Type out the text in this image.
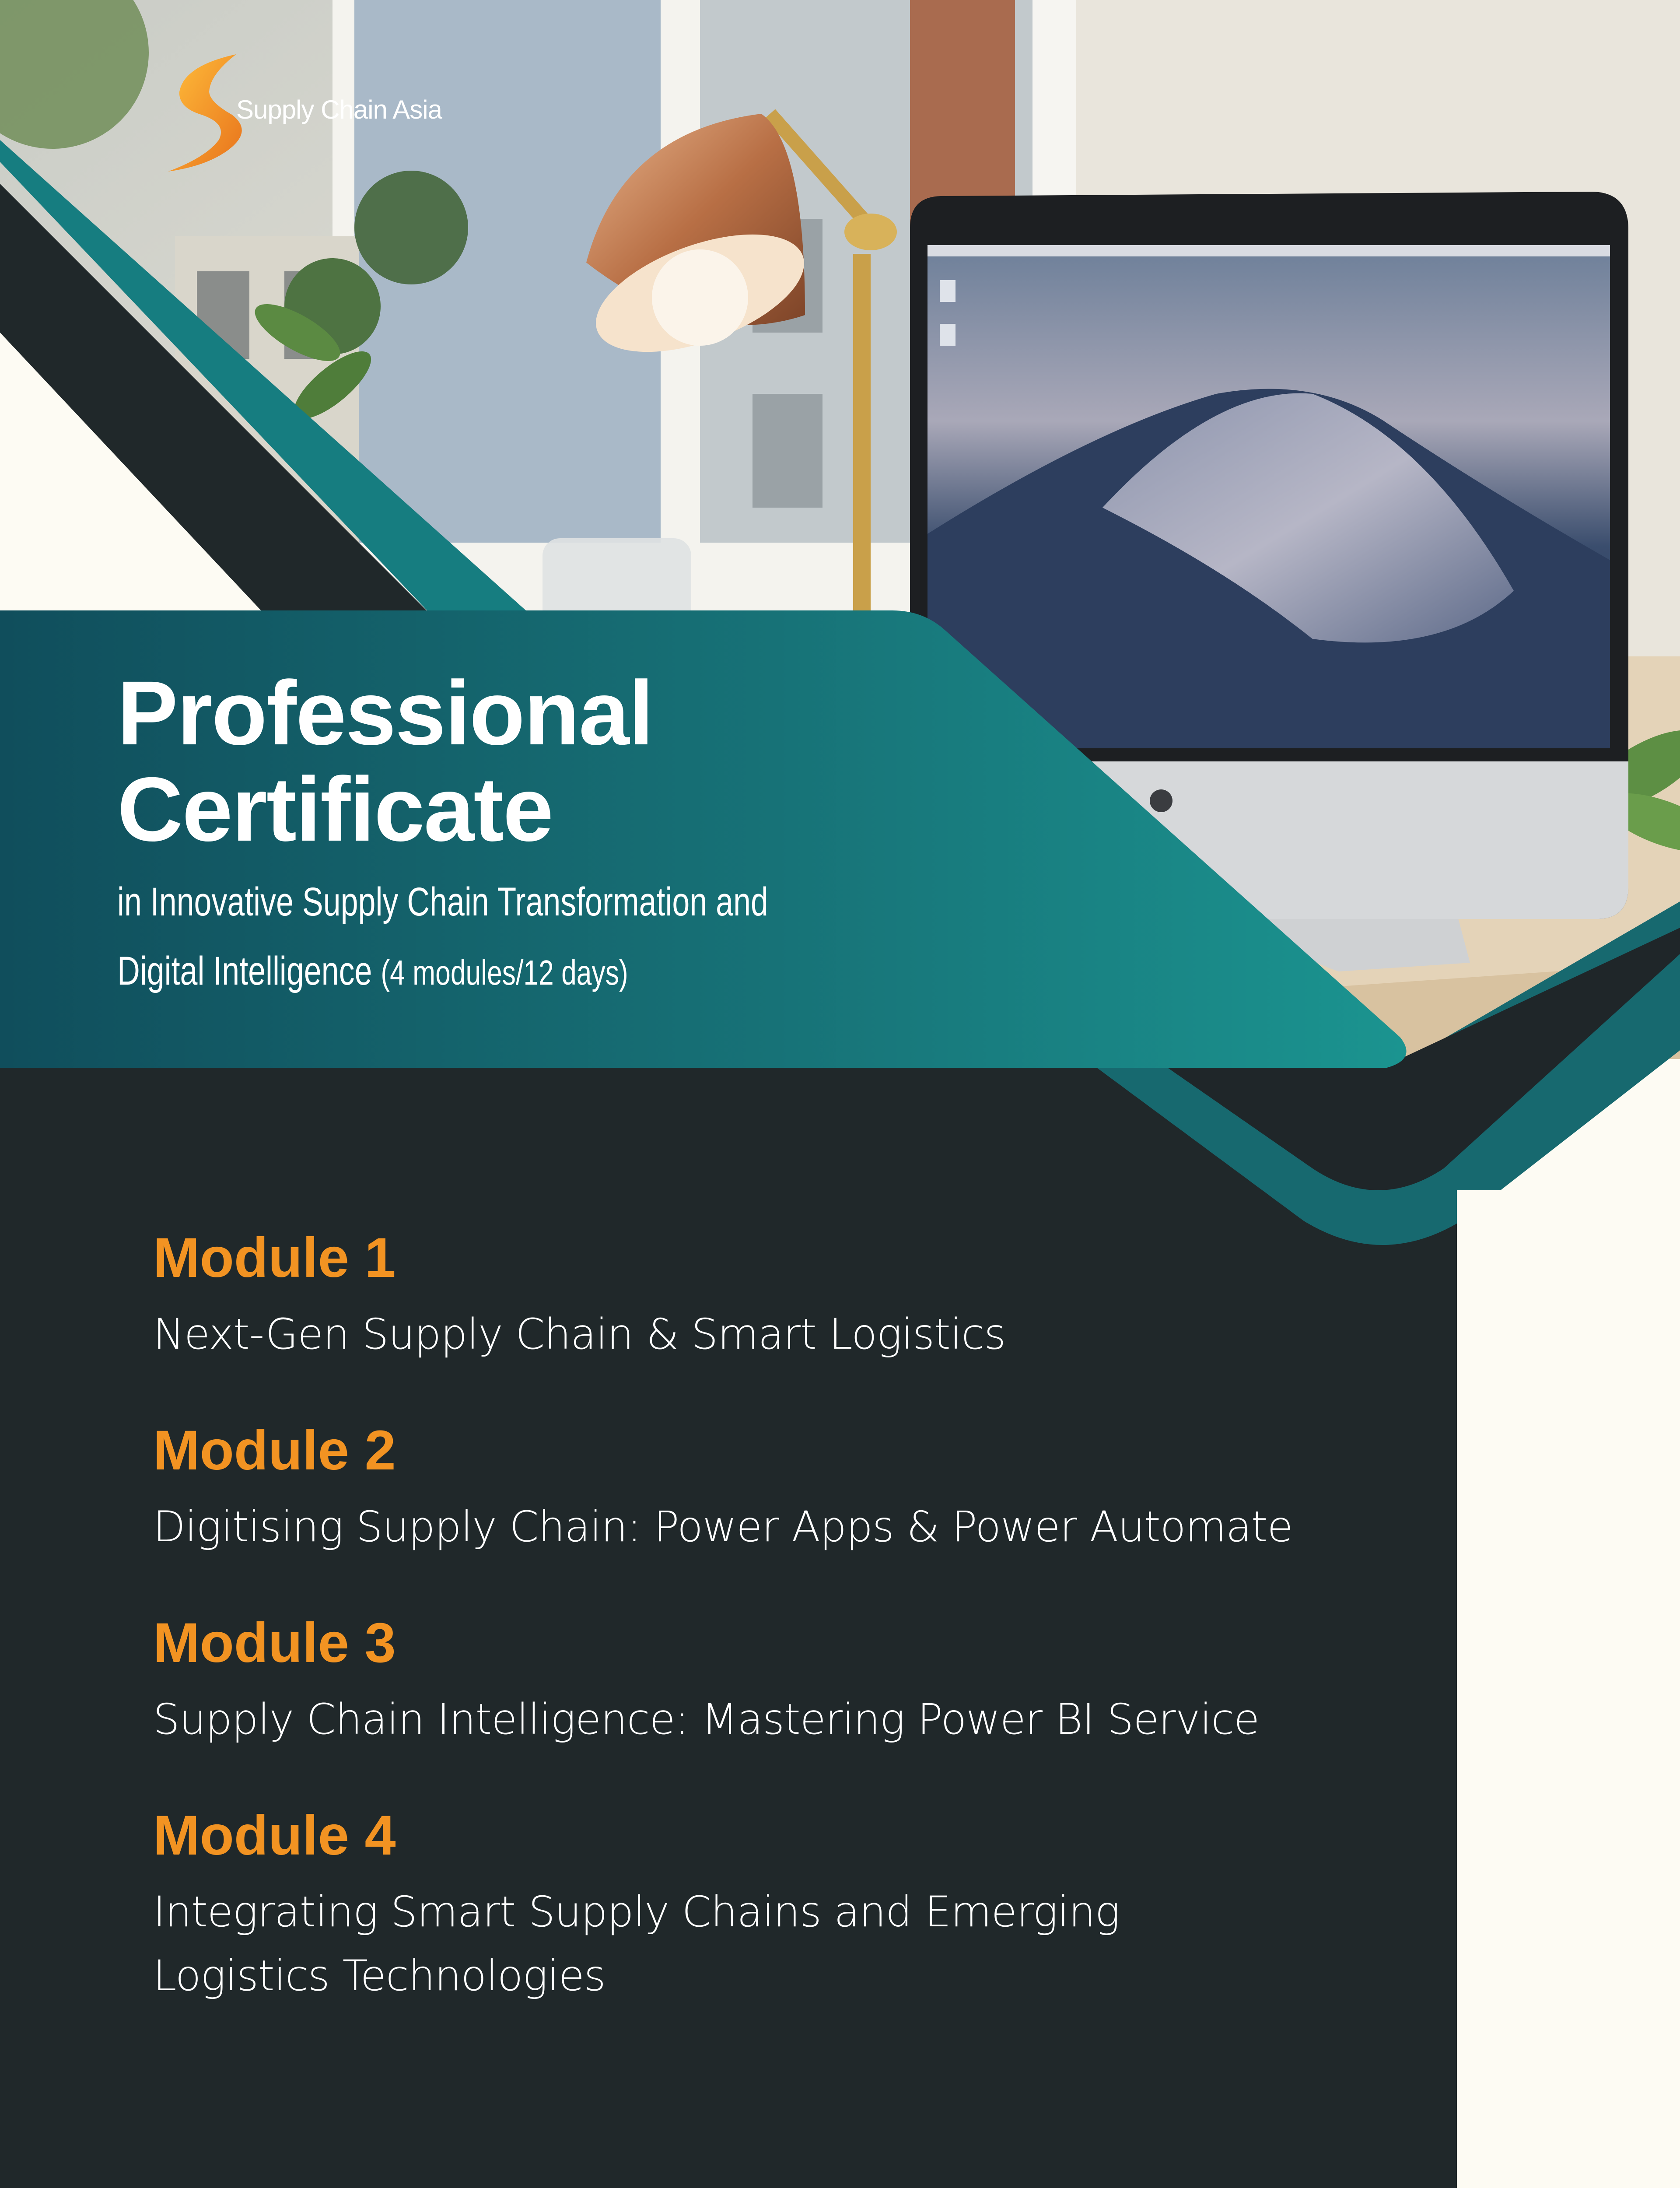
Supply Chain Asia
Professional
Certificate
in Innovative Supply Chain Transformation and
Digital Intelligence (4 modules/12 days)
Module 1
Next-Gen Supply Chain & Smart Logistics
Module 2
Digitising Supply Chain: Power Apps & Power Automate
Module 3
Supply Chain Intelligence: Mastering Power BI Service
Module 4
Integrating Smart Supply Chains and Emerging
Logistics Technologies
